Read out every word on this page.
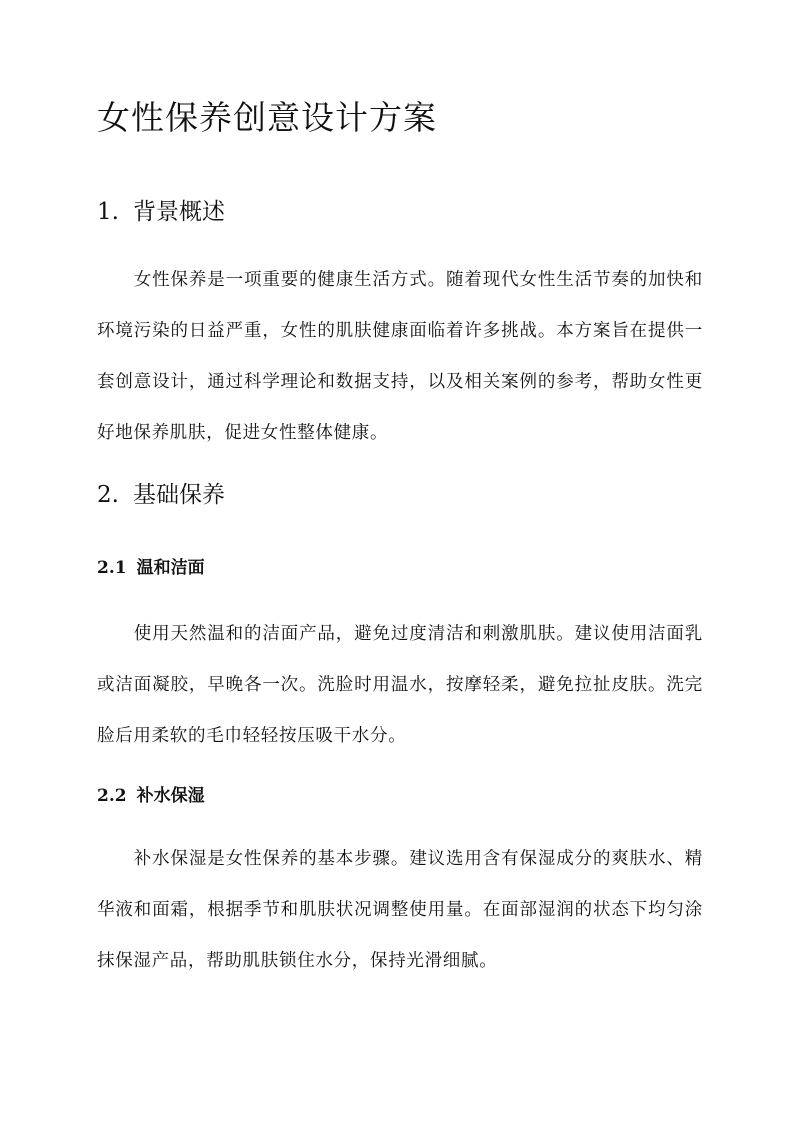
女性保养创意设计方案
1. 背景概述

女性保养是一项重要的健康生活方式。随着现代女性生活节奏的加快和环境污染的日益严重，女性的肌肤健康面临着许多挑战。本方案旨在提供一套创意设计，通过科学理论和数据支持，以及相关案例的参考，帮助女性更好地保养肌肤，促进女性整体健康。

2. 基础保养
2.1 温和洁面

使用天然温和的洁面产品，避免过度清洁和刺激肌肤。建议使用洁面乳或洁面凝胶，早晚各一次。洗脸时用温水，按摩轻柔，避免拉扯皮肤。洗完脸后用柔软的毛巾轻轻按压吸干水分。

2.2 补水保湿

补水保湿是女性保养的基本步骤。建议选用含有保湿成分的爽肤水、精华液和面霜，根据季节和肌肤状况调整使用量。在面部湿润的状态下均匀涂抹保湿产品，帮助肌肤锁住水分，保持光滑细腻。
